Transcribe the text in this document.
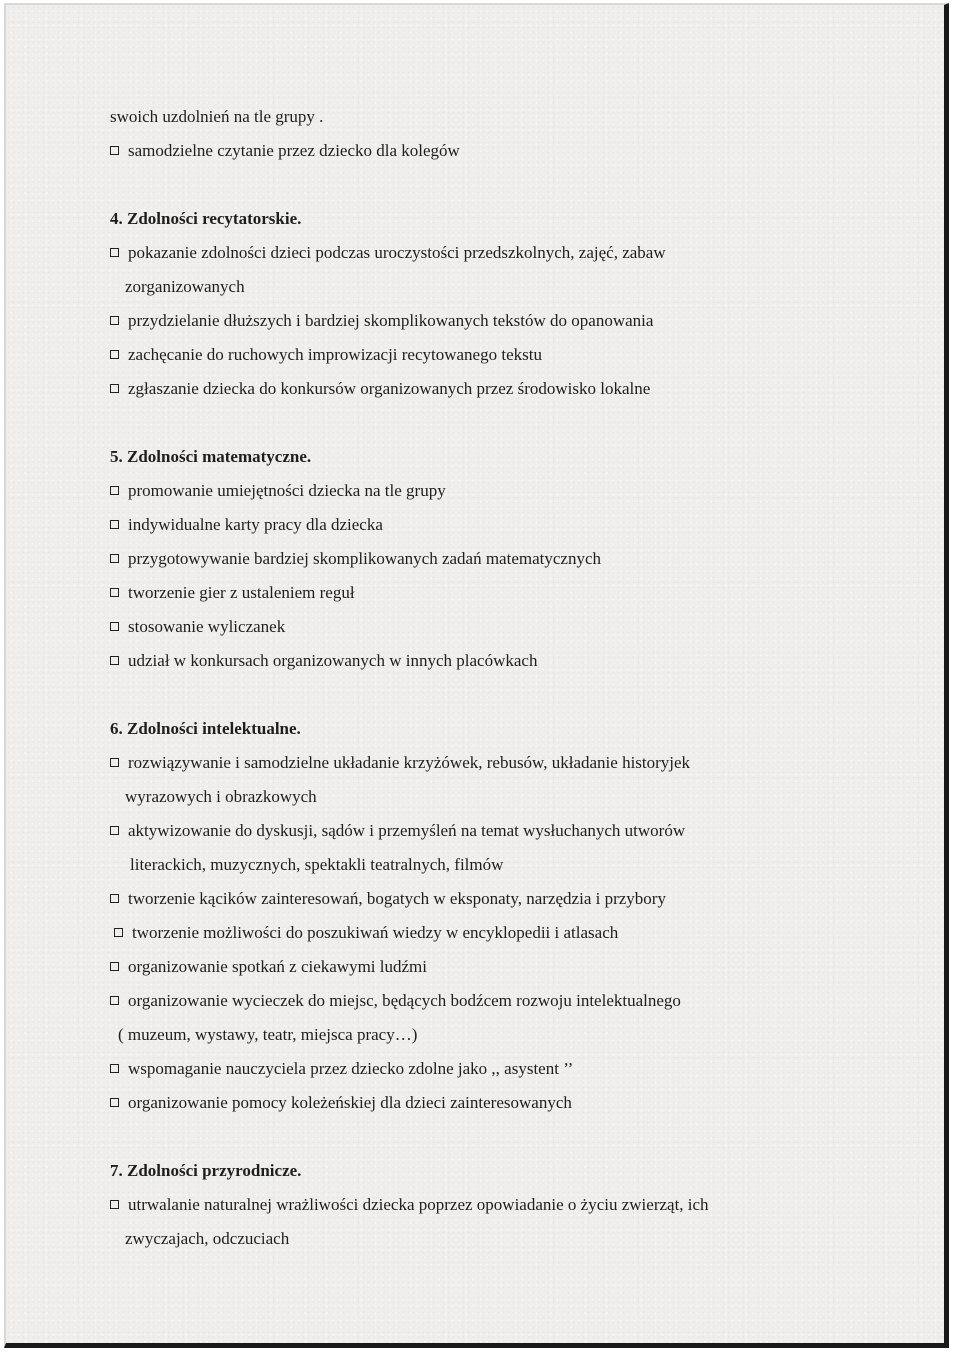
swoich uzdolnień na tle grupy .
samodzielne czytanie przez dziecko dla kolegów
4. Zdolności recytatorskie.
pokazanie zdolności dzieci podczas uroczystości przedszkolnych, zajęć, zabaw
zorganizowanych
przydzielanie dłuższych i bardziej skomplikowanych tekstów do opanowania
zachęcanie do ruchowych improwizacji recytowanego tekstu
zgłaszanie dziecka do konkursów organizowanych przez środowisko lokalne
5. Zdolności matematyczne.
promowanie umiejętności dziecka na tle grupy
indywidualne karty pracy dla dziecka
przygotowywanie bardziej skomplikowanych zadań matematycznych
tworzenie gier z ustaleniem reguł
stosowanie wyliczanek
udział w konkursach organizowanych w innych placówkach
6. Zdolności intelektualne.
rozwiązywanie i samodzielne układanie krzyżówek, rebusów, układanie historyjek
wyrazowych i obrazkowych
aktywizowanie do dyskusji, sądów i przemyśleń na temat wysłuchanych utworów
literackich, muzycznych, spektakli teatralnych, filmów
tworzenie kącików zainteresowań, bogatych w eksponaty, narzędzia i przybory
tworzenie możliwości do poszukiwań wiedzy w encyklopedii i atlasach
organizowanie spotkań z ciekawymi ludźmi
organizowanie wycieczek do miejsc, będących bodźcem rozwoju intelektualnego
( muzeum, wystawy, teatr, miejsca pracy…)
wspomaganie nauczyciela przez dziecko zdolne jako ,, asystent ’’
organizowanie pomocy koleżeńskiej dla dzieci zainteresowanych
7. Zdolności przyrodnicze.
utrwalanie naturalnej wrażliwości dziecka poprzez opowiadanie o życiu zwierząt, ich
zwyczajach, odczuciach
